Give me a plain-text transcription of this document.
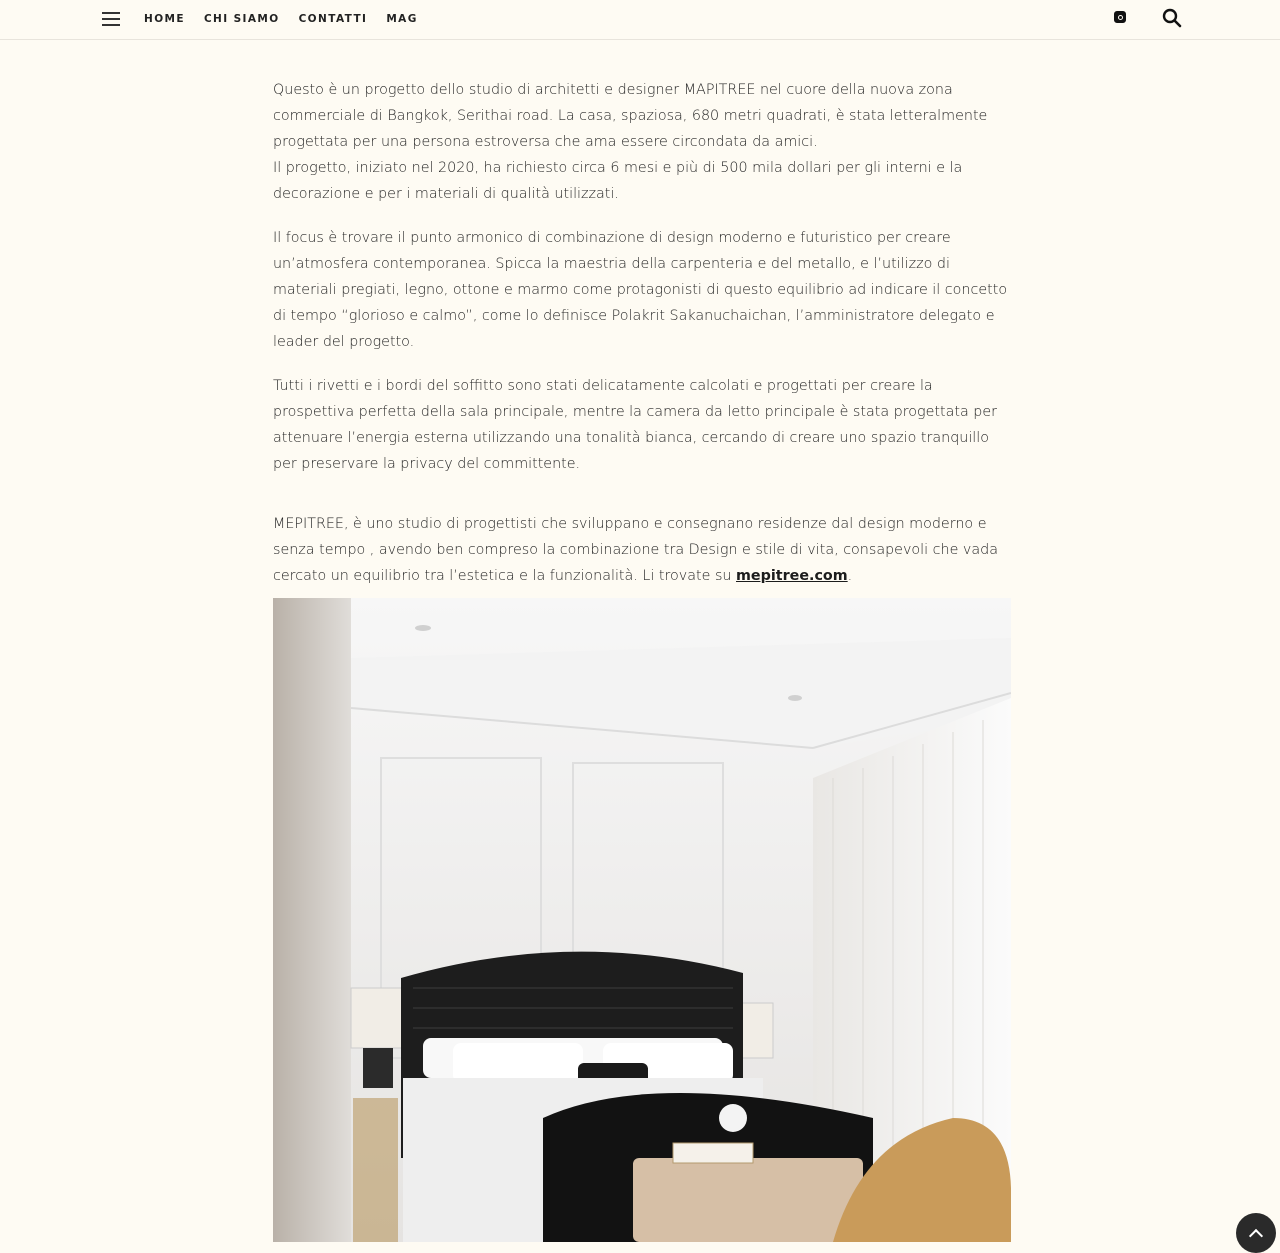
HOME CHI SIAMO CONTATTI MAG

Questo è un progetto dello studio di architetti e designer MAPITREE nel cuore della nuova zona commerciale di Bangkok, Serithai road. La casa, spaziosa, 680 metri quadrati, è stata letteralmente progettata per una persona estroversa che ama essere circondata da amici.
Il progetto, iniziato nel 2020, ha richiesto circa 6 mesi e più di 500 mila dollari per gli interni e la decorazione e per i materiali di qualità utilizzati.

Il focus è trovare il punto armonico di combinazione di design moderno e futuristico per creare un’atmosfera contemporanea. Spicca la maestria della carpenteria e del metallo, e l’utilizzo di materiali pregiati, legno, ottone e marmo come protagonisti di questo equilibrio ad indicare il concetto di tempo “glorioso e calmo”, come lo definisce Polakrit Sakanuchaichan, l’amministratore delegato e leader del progetto.

Tutti i rivetti e i bordi del soffitto sono stati delicatamente calcolati e progettati per creare la prospettiva perfetta della sala principale, mentre la camera da letto principale è stata progettata per attenuare l’energia esterna utilizzando una tonalità bianca, cercando di creare uno spazio tranquillo per preservare la privacy del committente.

MEPITREE, è uno studio di progettisti che sviluppano e consegnano residenze dal design moderno e senza tempo , avendo ben compreso la combinazione tra Design e stile di vita, consapevoli che vada cercato un equilibrio tra l’estetica e la funzionalità. Li trovate su mepitree.com.
